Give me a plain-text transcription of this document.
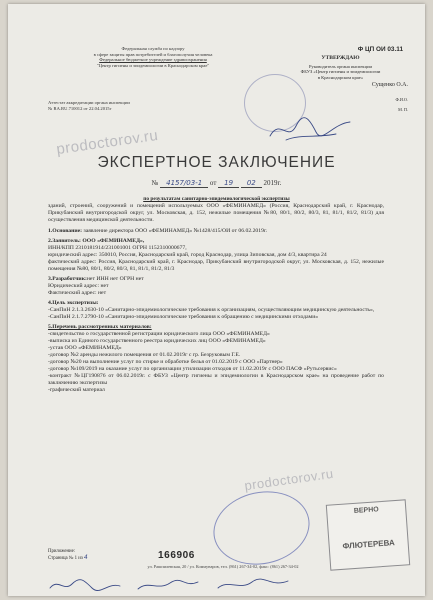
Федеральная служба по надзору
в сфере защиты прав потребителей и благополучия человека
Федеральное бюджетное учреждение здравоохранения
"Центр гигиены и эпидемиологии в Краснодарском крае"
Аттестат аккредитации органа инспекции
№ RA.RU.710012 от 22.04.2015г
Ф ЦП ОИ 03.11
УТВЕРЖДАЮ
Руководитель органа инспекции
ФБУЗ «Центр гигиены и эпидемиологии
в Краснодарском крае»

Сущенко О.А.
Ф.И.О.
М. П.
prodoctorov.ru
ЭКСПЕРТНОЕ ЗАКЛЮЧЕНИЕ
№ 4157/03-1 от 19 02 2019г.
по результатам санитарно-эпидемиологической экспертизы

зданий, строений, сооружений и помещений используемых ООО «ФЕМИНАМЕД» (Россия, Краснодарский край, г. Краснодар, Прикубанский внутригородской округ, ул. Московская, д. 152, нежилые помещения №80, 80/1, 80/2, 80/3, 81, 81/1, 81/2, 81/3) для осуществления медицинской деятельности.

1.Основание: заявление директора ООО «ФЕМИНАМЕД» №1428/415/ОИ от 06.02.2019г.

2.Заявитель: ООО «ФЕМИНАМЕД»,

ИНН/КПП 2310181914/231001001 ОГРН 1152310000677,

юридический адрес: 350010, Россия, Краснодарский край, город Краснодар, улица Зиповская, дом 4/3, квартира 24

фактический адрес: Россия, Краснодарский край, г. Краснодар, Прикубанский внутригородской округ, ул. Московская, д. 152, нежилые помещения №80, 80/1, 80/2, 80/3, 81, 81/1, 81/2, 81/3

3.Разработчик:нет ИНН нет ОГРН нет

Юридический адрес: нет

Фактический адрес: нет

4.Цель экспертизы:

-СанПиН 2.1.3.2630-10 «Санитарно-эпидемиологические требования к организациям, осуществляющим медицинскую деятельность»,

-СанПиН 2.1.7.2790-10 «Санитарно-эпидемиологические требования к обращению с медицинскими отходами»

5.Перечень рассмотренных материалов:

-свидетельство о государственной регистрации юридического лица ООО «ФЕМИНАМЕД»

-выписка из Единого государственного реестра юридических лиц ООО «ФЕМИНАМЕД»

-устав ООО «ФЕМИНАМЕД»

-договор №2 аренды нежилого помещения от 01.02.2019г с гр. Безруковым Г.Е.

-договор №20 на выполнение услуг по стирке и обработке белья от 01.02.2019 с ООО «Партнер»

-договор №109/2019 на оказание услуг по организации утилизации отходов от 11.02.2019г с ООО ПАСФ «Рутьсервис»

-контракт №ЦГ190876 от 06.02.2019г. с ФБУЗ «Центр гигиены и эпидемиологии в Краснодарском крае» на проведение работ по заключению экспертизы

-графический материал

prodoctorov.ru
ВЕРНО

ФЛЮТЕРЕВА
Приложение:
Страница № 1 из 4	166906
ул. Рашпилевская, 20 / ул. Коммунаров, тел. (861) 267-34-02, факс: (861) 267-34-02
